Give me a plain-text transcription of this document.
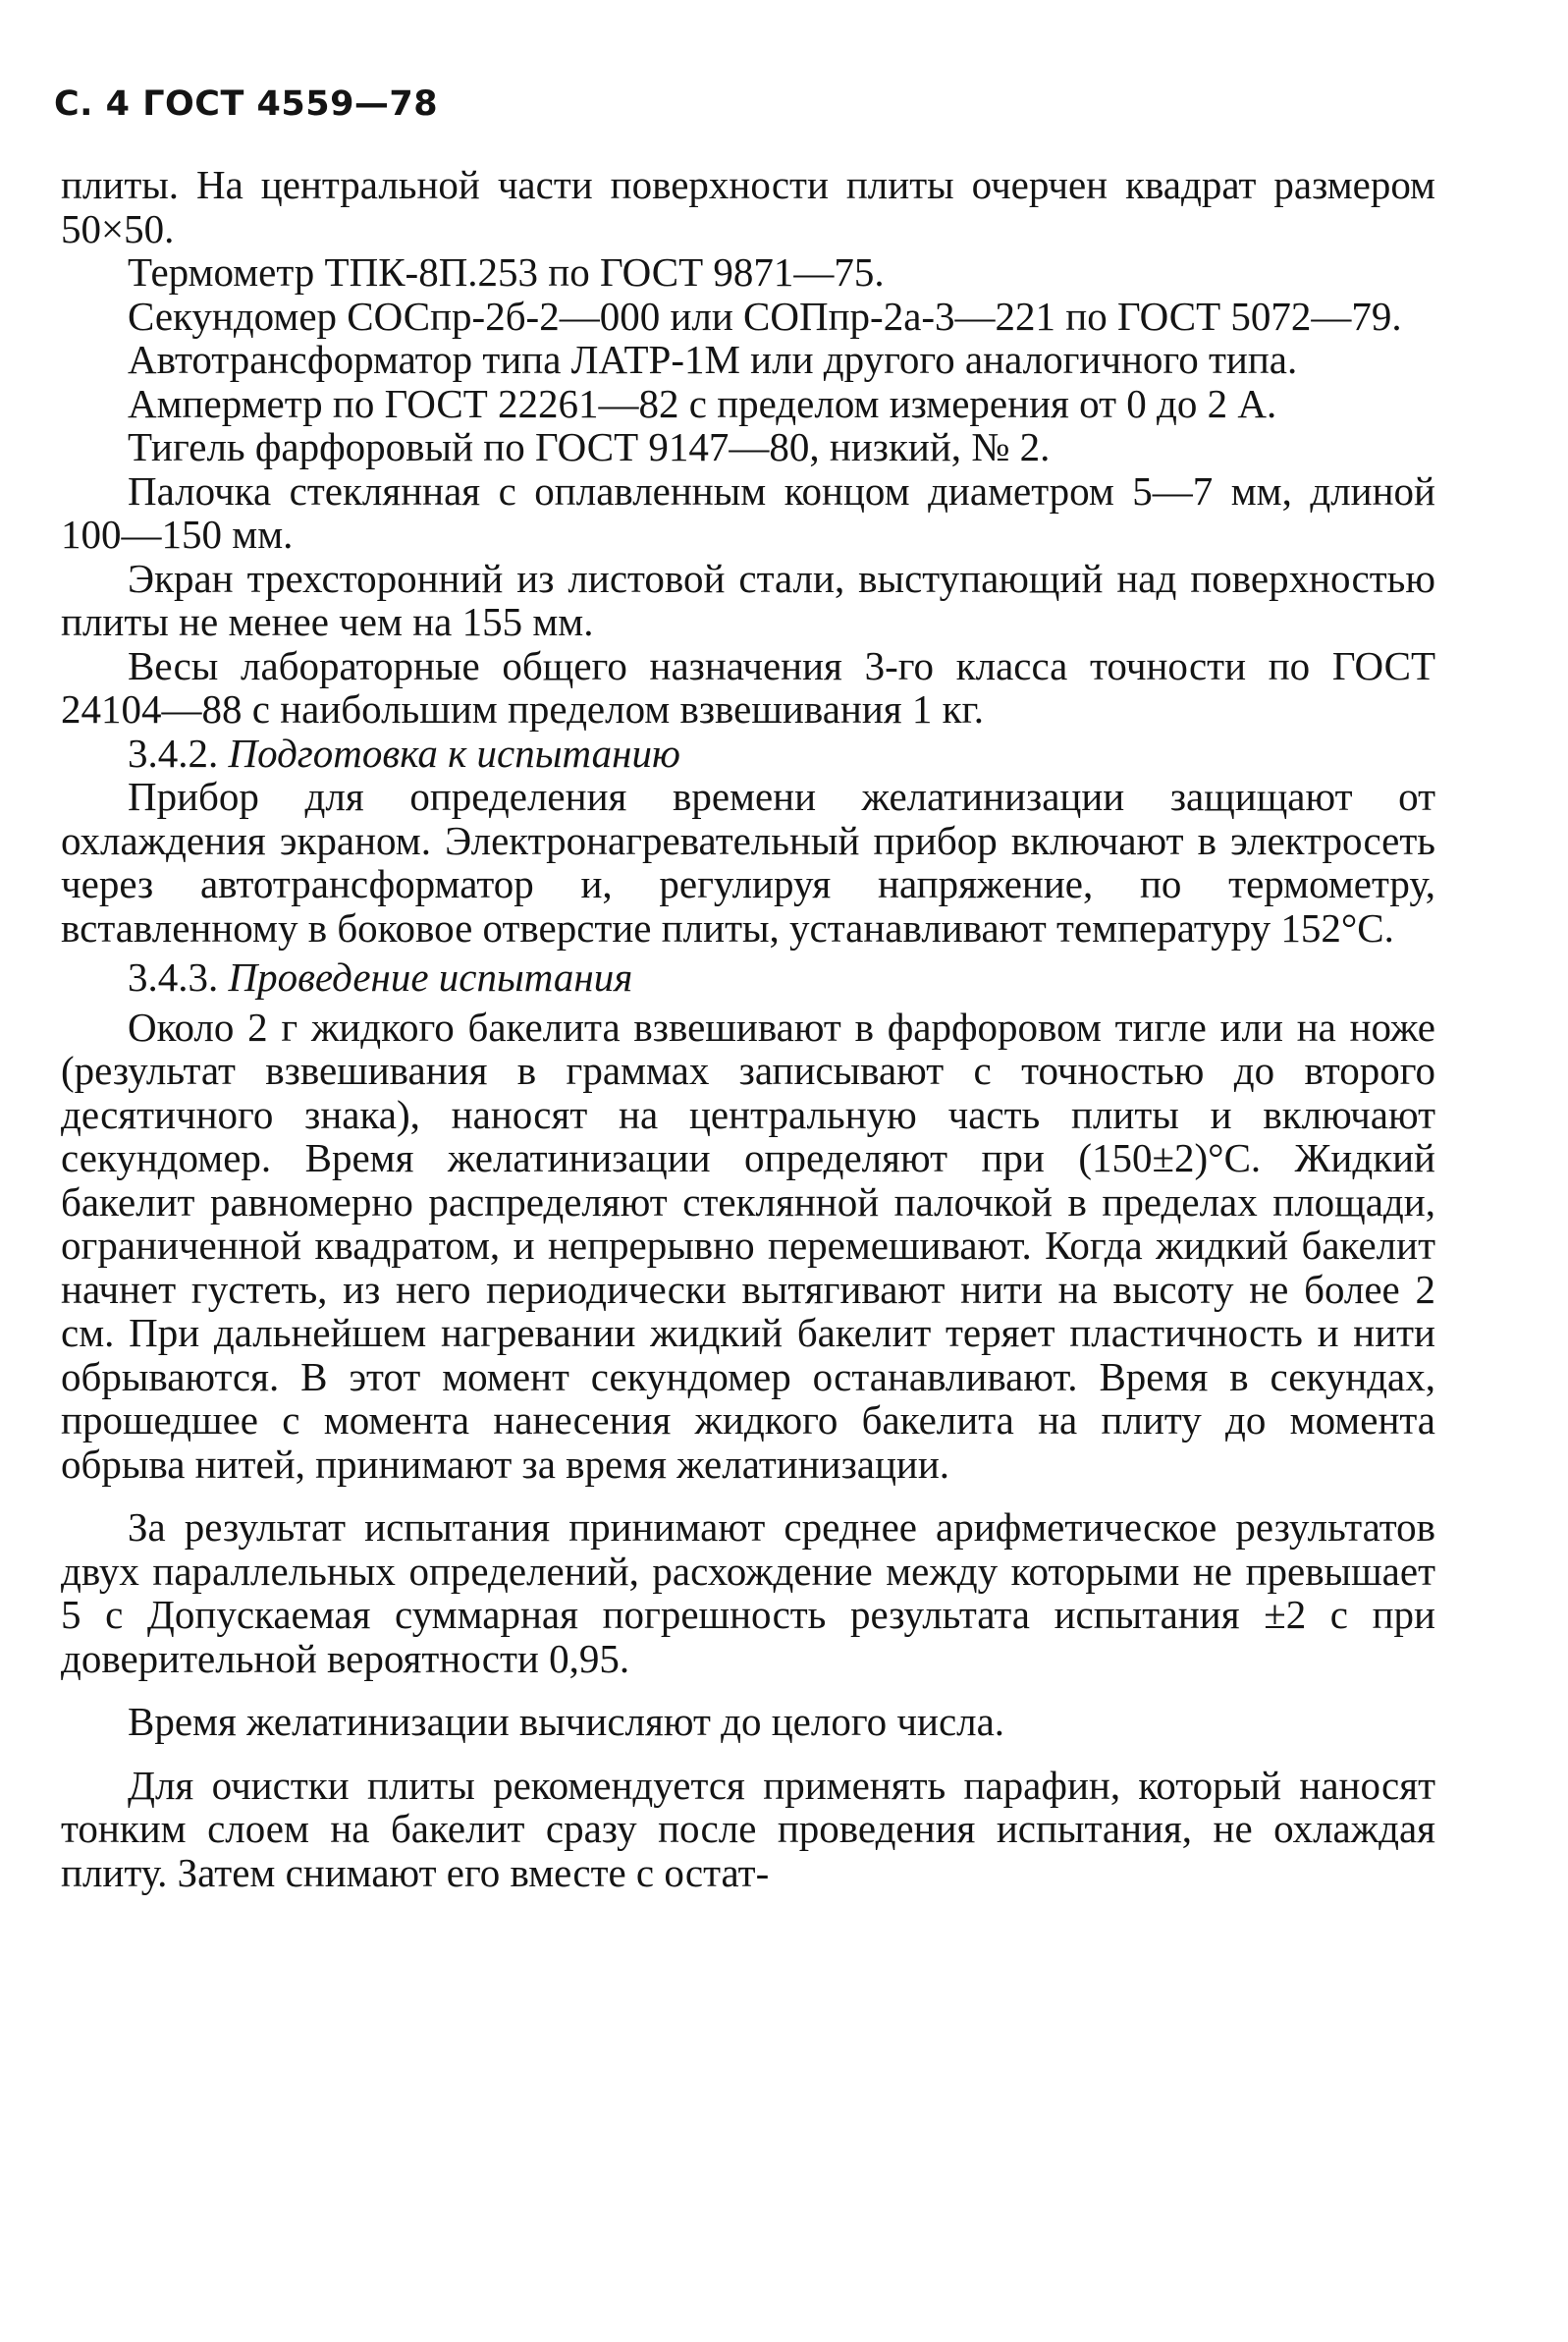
С. 4 ГОСТ 4559—78

плиты. На центральной части поверхности плиты очерчен квадрат размером 50×50.

Термометр ТПК-8П.253 по ГОСТ 9871—75.

Секундомер СОСпр-2б-2—000 или СОПпр-2а-3—221 по ГОСТ 5072—79.

Автотрансформатор типа ЛАТР-1М или другого аналогичного типа.

Амперметр по ГОСТ 22261—82 с пределом измерения от 0 до 2 А.

Тигель фарфоровый по ГОСТ 9147—80, низкий, № 2.

Палочка стеклянная с оплавленным концом диаметром 5—7 мм, длиной 100—150 мм.

Экран трехсторонний из листовой стали, выступающий над поверхностью плиты не менее чем на 155 мм.

Весы лабораторные общего назначения 3-го класса точности по ГОСТ 24104—88 с наибольшим пределом взвешивания 1 кг.

3.4.2. Подготовка к испытанию

Прибор для определения времени желатинизации защищают от охлаждения экраном. Электронагревательный прибор включают в электросеть через автотрансформатор и, регулируя напряжение, по термометру, вставленному в боковое отверстие плиты, устанавливают температуру 152°С.

3.4.3. Проведение испытания

Около 2 г жидкого бакелита взвешивают в фарфоровом тигле или на ноже (результат взвешивания в граммах записывают с точностью до второго десятичного знака), наносят на центральную часть плиты и включают секундомер. Время желатинизации определяют при (150±2)°С. Жидкий бакелит равномерно распределяют стеклянной палочкой в пределах площади, ограниченной квадратом, и непрерывно перемешивают. Когда жидкий бакелит начнет густеть, из него периодически вытягивают нити на высоту не более 2 см. При дальнейшем нагревании жидкий бакелит теряет пластичность и нити обрываются. В этот момент секундомер останавливают. Время в секундах, прошедшее с момента нанесения жидкого бакелита на плиту до момента обрыва нитей, принимают за время желатинизации.

За результат испытания принимают среднее арифметическое результатов двух параллельных определений, расхождение между которыми не превышает 5 с Допускаемая суммарная погрешность результата испытания ±2 с при доверительной вероятности 0,95.

Время желатинизации вычисляют до целого числа.

Для очистки плиты рекомендуется применять парафин, который наносят тонким слоем на бакелит сразу после проведения испытания, не охлаждая плиту. Затем снимают его вместе с остат-
